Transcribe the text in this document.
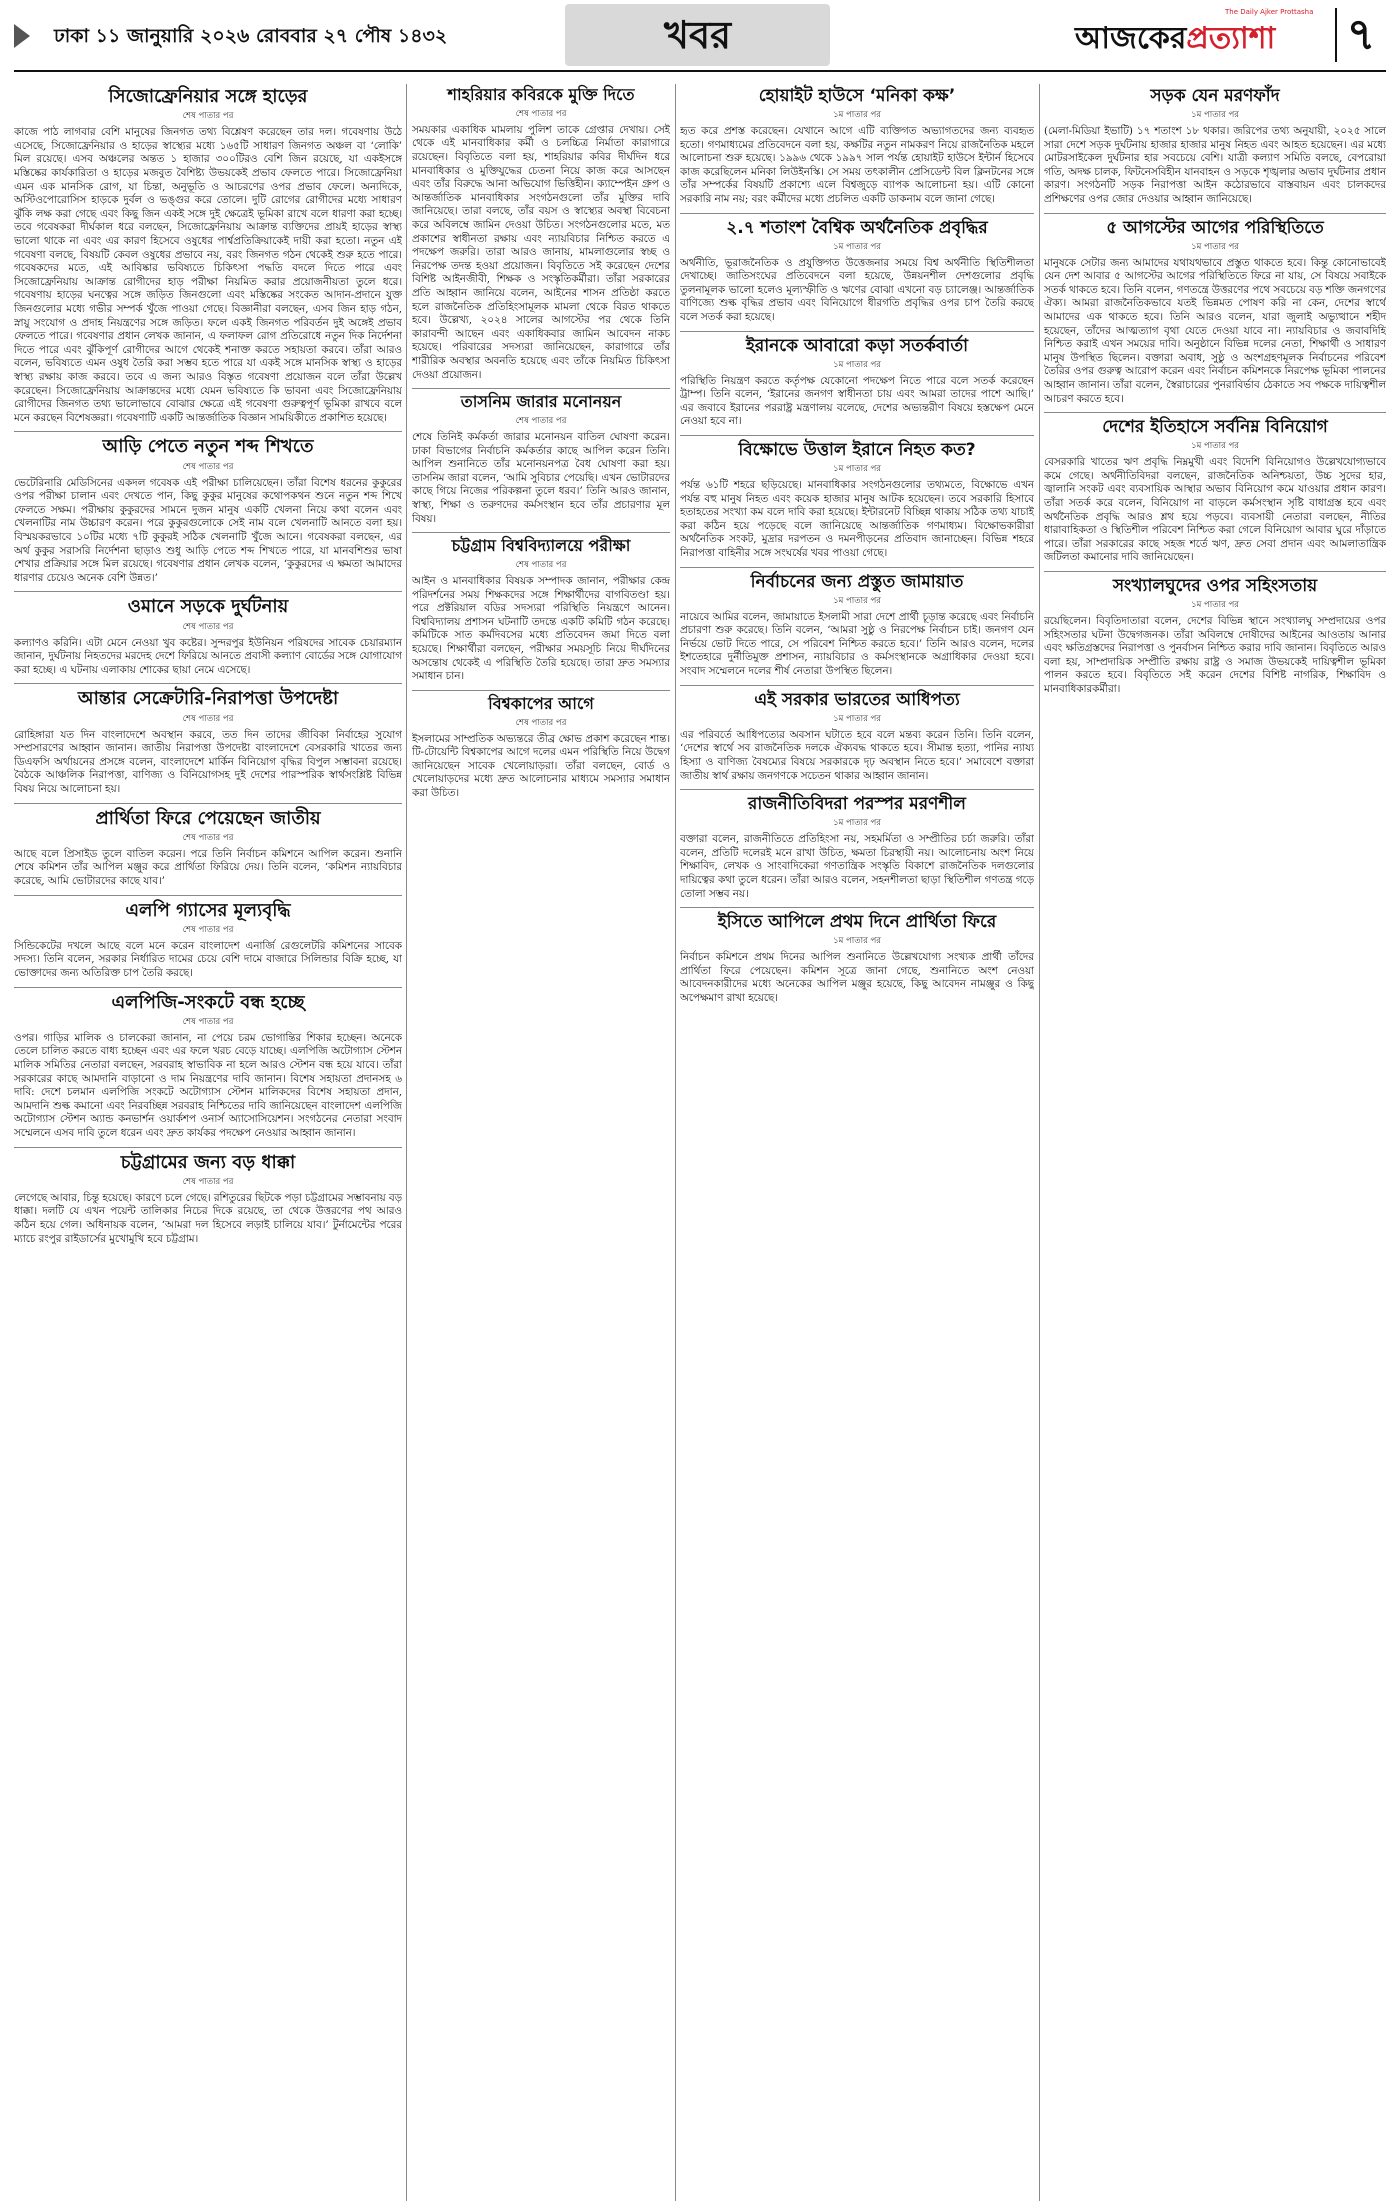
ঢাকা ১১ জানুয়ারি ২০২৬ রোববার ২৭ পৌষ ১৪৩২	খবর	আজকেরপ্রত্যাশা
The Daily Ajker Prottasha ৭
সিজোফ্রেনিয়ার সঙ্গে হাড়ের

শেষ পাতার পর

কাজে পাঠ লাগবার বেশি মানুষের জিনগত তথ্য বিশ্লেষণ করেছেন তার দল। গবেষণায় উঠে এসেছে, সিজোফ্রেনিয়ার ও হাড়ের স্বাস্থ্যের মধ্যে ১৬৫টি সাধারণ জিনগত অঞ্চল বা ‘লোকি’ মিল রয়েছে। এসব অঞ্চলের অন্তত ১ হাজার ৩০০টিরও বেশি জিন রয়েছে, যা একইসঙ্গে মস্তিষ্কের কার্যকারিতা ও হাড়ের মজবুত বৈশিষ্ট্য উভয়কেই প্রভাব ফেলতে পারে। সিজোফ্রেনিয়া এমন এক মানসিক রোগ, যা চিন্তা, অনুভূতি ও আচরণের ওপর প্রভাব ফেলে। অন্যদিকে, অস্টিওপোরোসিস হাড়কে দুর্বল ও ভঙ্গুর করে তোলে। দুটি রোগের রোগীদের মধ্যে সাধারণ ঝুঁকি লক্ষ করা গেছে এবং কিছু জিন একই সঙ্গে দুই ক্ষেত্রেই ভূমিকা রাখে বলে ধারণা করা হচ্ছে। তবে গবেষকরা দীর্ঘকাল ধরে বলছেন, সিজোফ্রেনিয়ায় আক্রান্ত ব্যক্তিদের প্রায়ই হাড়ের স্বাস্থ্য ভালো থাকে না এবং এর কারণ হিসেবে ওষুধের পার্শ্বপ্রতিক্রিয়াকেই দায়ী করা হতো। নতুন এই গবেষণা বলছে, বিষয়টি কেবল ওষুধের প্রভাবে নয়, বরং জিনগত গঠন থেকেই শুরু হতে পারে। গবেষকদের মতে, এই আবিষ্কার ভবিষ্যতে চিকিৎসা পদ্ধতি বদলে দিতে পারে এবং সিজোফ্রেনিয়ায় আক্রান্ত রোগীদের হাড় পরীক্ষা নিয়মিত করার প্রয়োজনীয়তা তুলে ধরে। গবেষণায় হাড়ের ঘনত্বের সঙ্গে জড়িত জিনগুলো এবং মস্তিষ্কের সংকেত আদান-প্রদানে যুক্ত জিনগুলোর মধ্যে গভীর সম্পর্ক খুঁজে পাওয়া গেছে। বিজ্ঞানীরা বলছেন, এসব জিন হাড় গঠন, স্নায়ু সংযোগ ও প্রদাহ নিয়ন্ত্রণের সঙ্গে জড়িত। ফলে একই জিনগত পরিবর্তন দুই অঙ্গেই প্রভাব ফেলতে পারে। গবেষণার প্রধান লেখক জানান, এ ফলাফল রোগ প্রতিরোধে নতুন দিক নির্দেশনা দিতে পারে এবং ঝুঁকিপূর্ণ রোগীদের আগে থেকেই শনাক্ত করতে সহায়তা করবে। তাঁরা আরও বলেন, ভবিষ্যতে এমন ওষুধ তৈরি করা সম্ভব হতে পারে যা একই সঙ্গে মানসিক স্বাস্থ্য ও হাড়ের স্বাস্থ্য রক্ষায় কাজ করবে। তবে এ জন্য আরও বিস্তৃত গবেষণা প্রয়োজন বলে তাঁরা উল্লেখ করেছেন। সিজোফ্রেনিয়ায় আক্রান্তদের মধ্যে যেমন ভবিষ্যতে কি ভাবনা এবং সিজোফ্রেনিয়ায় রোগীদের জিনগত তথ্য ভালোভাবে বোঝার ক্ষেত্রে এই গবেষণা গুরুত্বপূর্ণ ভূমিকা রাখবে বলে মনে করছেন বিশেষজ্ঞরা। গবেষণাটি একটি আন্তর্জাতিক বিজ্ঞান সাময়িকীতে প্রকাশিত হয়েছে।

আড়ি পেতে নতুন শব্দ শিখতে

শেষ পাতার পর

ভেটেরিনারি মেডিসিনের একদল গবেষক এই পরীক্ষা চালিয়েছেন। তাঁরা বিশেষ ধরনের কুকুরের ওপর পরীক্ষা চালান এবং দেখতে পান, কিছু কুকুর মানুষের কথোপকথন শুনে নতুন শব্দ শিখে ফেলতে সক্ষম। পরীক্ষায় কুকুরদের সামনে দুজন মানুষ একটি খেলনা নিয়ে কথা বলেন এবং খেলনাটির নাম উচ্চারণ করেন। পরে কুকুরগুলোকে সেই নাম বলে খেলনাটি আনতে বলা হয়। বিস্ময়করভাবে ১০টির মধ্যে ৭টি কুকুরই সঠিক খেলনাটি খুঁজে আনে। গবেষকরা বলছেন, এর অর্থ কুকুর সরাসরি নির্দেশনা ছাড়াও শুধু আড়ি পেতে শব্দ শিখতে পারে, যা মানবশিশুর ভাষা শেখার প্রক্রিয়ার সঙ্গে মিল রয়েছে। গবেষণার প্রধান লেখক বলেন, ‘কুকুরদের এ ক্ষমতা আমাদের ধারণার চেয়েও অনেক বেশি উন্নত।’

ওমানে সড়কে দুর্ঘটনায়

শেষ পাতার পর

কল্যাণও করিনি। এটা মেনে নেওয়া খুব কষ্টের। সুন্দরপুর ইউনিয়ন পরিষদের সাবেক চেয়ারম্যান জানান, দুর্ঘটনায় নিহতদের মরদেহ দেশে ফিরিয়ে আনতে প্রবাসী কল্যাণ বোর্ডের সঙ্গে যোগাযোগ করা হচ্ছে। এ ঘটনায় এলাকায় শোকের ছায়া নেমে এসেছে।

আন্তার সেক্রেটারি-নিরাপত্তা উপদেষ্টা

শেষ পাতার পর

রোহিঙ্গারা যত দিন বাংলাদেশে অবস্থান করবে, তত দিন তাদের জীবিকা নির্বাহের সুযোগ সম্প্রসারণের আহ্বান জানান। জাতীয় নিরাপত্তা উপদেষ্টা বাংলাদেশে বেসরকারি খাতের জন্য ডিএফসি অর্থায়নের প্রসঙ্গে বলেন, বাংলাদেশে মার্কিন বিনিয়োগ বৃদ্ধির বিপুল সম্ভাবনা রয়েছে। বৈঠকে আঞ্চলিক নিরাপত্তা, বাণিজ্য ও বিনিয়োগসহ দুই দেশের পারস্পরিক স্বার্থসংশ্লিষ্ট বিভিন্ন বিষয় নিয়ে আলোচনা হয়।

প্রার্থিতা ফিরে পেয়েছেন জাতীয়

শেষ পাতার পর

আছে বলে প্রিসাইড তুলে বাতিল করেন। পরে তিনি নির্বাচন কমিশনে আপিল করেন। শুনানি শেষে কমিশন তাঁর আপিল মঞ্জুর করে প্রার্থিতা ফিরিয়ে দেয়। তিনি বলেন, ‘কমিশন ন্যায়বিচার করেছে, আমি ভোটারদের কাছে যাব।’

এলপি গ্যাসের মূল্যবৃদ্ধি

শেষ পাতার পর

সিন্ডিকেটের দখলে আছে বলে মনে করেন বাংলাদেশ এনার্জি রেগুলেটরি কমিশনের সাবেক সদস্য। তিনি বলেন, সরকার নির্ধারিত দামের চেয়ে বেশি দামে বাজারে সিলিন্ডার বিক্রি হচ্ছে, যা ভোক্তাদের জন্য অতিরিক্ত চাপ তৈরি করছে।

এলপিজি-সংকটে বন্ধ হচ্ছে

শেষ পাতার পর

ওপর। গাড়ির মালিক ও চালকেরা জানান, না পেয়ে চরম ভোগান্তির শিকার হচ্ছেন। অনেকে তেলে চালিত করতে বাধ্য হচ্ছেন এবং এর ফলে খরচ বেড়ে যাচ্ছে। এলপিজি অটোগ্যাস স্টেশন মালিক সমিতির নেতারা বলছেন, সরবরাহ স্বাভাবিক না হলে আরও স্টেশন বন্ধ হয়ে যাবে। তাঁরা সরকারের কাছে আমদানি বাড়ানো ও দাম নিয়ন্ত্রণের দাবি জানান। বিশেষ সহায়তা প্রদানসহ ৬ দাবি: দেশে চলমান এলপিজি সংকটে অটোগ্যাস স্টেশন মালিকদের বিশেষ সহায়তা প্রদান, আমদানি শুল্ক কমানো এবং নিরবচ্ছিন্ন সরবরাহ নিশ্চিতের দাবি জানিয়েছেন বাংলাদেশ এলপিজি অটোগ্যাস স্টেশন অ্যান্ড কনভার্শন ওয়ার্কশপ ওনার্স অ্যাসোসিয়েশন। সংগঠনের নেতারা সংবাদ সম্মেলনে এসব দাবি তুলে ধরেন এবং দ্রুত কার্যকর পদক্ষেপ নেওয়ার আহ্বান জানান।

চট্টগ্রামের জন্য বড় ধাক্কা

শেষ পাতার পর

লেগেছে আবার, চিন্তু হয়েছে। কারণে চলে গেছে। রশিতুরের ছিটকে পড়া চট্টগ্রামের সম্ভাবনায় বড় ধাক্কা। দলটি যে এখন পয়েন্ট তালিকার নিচের দিকে রয়েছে, তা থেকে উত্তরণের পথ আরও কঠিন হয়ে গেল। অধিনায়ক বলেন, ‘আমরা দল হিসেবে লড়াই চালিয়ে যাব।’ টুর্নামেন্টের পরের ম্যাচে রংপুর রাইডার্সের মুখোমুখি হবে চট্টগ্রাম।

শাহরিয়ার কবিরকে মুক্তি দিতে

শেষ পাতার পর

সময়কার একাধিক মামলায় পুলিশ তাকে গ্রেপ্তার দেখায়। সেই থেকে এই মানবাধিকার কর্মী ও চলচ্চিত্র নির্মাতা কারাগারে রয়েছেন। বিবৃতিতে বলা হয়, শাহরিয়ার কবির দীর্ঘদিন ধরে মানবাধিকার ও মুক্তিযুদ্ধের চেতনা নিয়ে কাজ করে আসছেন এবং তাঁর বিরুদ্ধে আনা অভিযোগ ভিত্তিহীন। ক্যাম্পেইন গ্রুপ ও আন্তর্জাতিক মানবাধিকার সংগঠনগুলো তাঁর মুক্তির দাবি জানিয়েছে। তারা বলছে, তাঁর বয়স ও স্বাস্থ্যের অবস্থা বিবেচনা করে অবিলম্বে জামিন দেওয়া উচিত। সংগঠনগুলোর মতে, মত প্রকাশের স্বাধীনতা রক্ষায় এবং ন্যায়বিচার নিশ্চিত করতে এ পদক্ষেপ জরুরি। তারা আরও জানায়, মামলাগুলোর স্বচ্ছ ও নিরপেক্ষ তদন্ত হওয়া প্রয়োজন। বিবৃতিতে সই করেছেন দেশের বিশিষ্ট আইনজীবী, শিক্ষক ও সংস্কৃতিকর্মীরা। তাঁরা সরকারের প্রতি আহ্বান জানিয়ে বলেন, আইনের শাসন প্রতিষ্ঠা করতে হলে রাজনৈতিক প্রতিহিংসামূলক মামলা থেকে বিরত থাকতে হবে। উল্লেখ্য, ২০২৪ সালের আগস্টের পর থেকে তিনি কারাবন্দী আছেন এবং একাধিকবার জামিন আবেদন নাকচ হয়েছে। পরিবারের সদস্যরা জানিয়েছেন, কারাগারে তাঁর শারীরিক অবস্থার অবনতি হয়েছে এবং তাঁকে নিয়মিত চিকিৎসা দেওয়া প্রয়োজন।

তাসনিম জারার মনোনয়ন

শেষ পাতার পর

শেষে তিনিই কর্মকর্তা জারার মনোনয়ন বাতিল ঘোষণা করেন। ঢাকা বিভাগের নির্বাচনি কর্মকর্তার কাছে আপিল করেন তিনি। আপিল শুনানিতে তাঁর মনোনয়নপত্র বৈধ ঘোষণা করা হয়। তাসনিম জারা বলেন, ‘আমি সুবিচার পেয়েছি। এখন ভোটারদের কাছে গিয়ে নিজের পরিকল্পনা তুলে ধরব।’ তিনি আরও জানান, স্বাস্থ্য, শিক্ষা ও তরুণদের কর্মসংস্থান হবে তাঁর প্রচারণার মূল বিষয়।

চট্টগ্রাম বিশ্ববিদ্যালয়ে পরীক্ষা

শেষ পাতার পর

আইন ও মানবাধিকার বিষয়ক সম্পাদক জানান, পরীক্ষার কেন্দ্র পরিদর্শনের সময় শিক্ষকদের সঙ্গে শিক্ষার্থীদের বাগবিতণ্ডা হয়। পরে প্রক্টরিয়াল বডির সদস্যরা পরিস্থিতি নিয়ন্ত্রণে আনেন। বিশ্ববিদ্যালয় প্রশাসন ঘটনাটি তদন্তে একটি কমিটি গঠন করেছে। কমিটিকে সাত কর্মদিবসের মধ্যে প্রতিবেদন জমা দিতে বলা হয়েছে। শিক্ষার্থীরা বলছেন, পরীক্ষার সময়সূচি নিয়ে দীর্ঘদিনের অসন্তোষ থেকেই এ পরিস্থিতি তৈরি হয়েছে। তারা দ্রুত সমস্যার সমাধান চান।

বিশ্বকাপের আগে

শেষ পাতার পর

ইসলামের সাম্প্রতিক অভ্যন্তরে তীব্র ক্ষোভ প্রকাশ করেছেন শান্ত। টি-টোয়েন্টি বিশ্বকাপের আগে দলের এমন পরিস্থিতি নিয়ে উদ্বেগ জানিয়েছেন সাবেক খেলোয়াড়রা। তাঁরা বলছেন, বোর্ড ও খেলোয়াড়দের মধ্যে দ্রুত আলোচনার মাধ্যমে সমস্যার সমাধান করা উচিত।

হোয়াইট হাউসে ‘মনিকা কক্ষ’

১ম পাতার পর

হৃত করে প্রশস্ত করেছেন। যেখানে আগে এটি ব্যক্তিগত অভ্যাগতদের জন্য ব্যবহৃত হতো। গণমাধ্যমের প্রতিবেদনে বলা হয়, কক্ষটির নতুন নামকরণ নিয়ে রাজনৈতিক মহলে আলোচনা শুরু হয়েছে। ১৯৯৬ থেকে ১৯৯৭ সাল পর্যন্ত হোয়াইট হাউসে ইন্টার্ন হিসেবে কাজ করেছিলেন মনিকা লিউইনস্কি। সে সময় তৎকালীন প্রেসিডেন্ট বিল ক্লিনটনের সঙ্গে তাঁর সম্পর্কের বিষয়টি প্রকাশ্যে এলে বিশ্বজুড়ে ব্যাপক আলোচনা হয়। এটি কোনো সরকারি নাম নয়; বরং কর্মীদের মধ্যে প্রচলিত একটি ডাকনাম বলে জানা গেছে।

২.৭ শতাংশ বৈশ্বিক অর্থনৈতিক প্রবৃদ্ধির

১ম পাতার পর

অর্থনীতি, ভূরাজনৈতিক ও প্রযুক্তিগত উত্তেজনার সময়ে বিশ্ব অর্থনীতি স্থিতিশীলতা দেখাচ্ছে। জাতিসংঘের প্রতিবেদনে বলা হয়েছে, উন্নয়নশীল দেশগুলোর প্রবৃদ্ধি তুলনামূলক ভালো হলেও মূল্যস্ফীতি ও ঋণের বোঝা এখনো বড় চ্যালেঞ্জ। আন্তর্জাতিক বাণিজ্যে শুল্ক বৃদ্ধির প্রভাব এবং বিনিয়োগে ধীরগতি প্রবৃদ্ধির ওপর চাপ তৈরি করছে বলে সতর্ক করা হয়েছে।

ইরানকে আবারো কড়া সতর্কবার্তা

১ম পাতার পর

পরিস্থিতি নিয়ন্ত্রণ করতে কর্তৃপক্ষ যেকোনো পদক্ষেপ নিতে পারে বলে সতর্ক করেছেন ট্রাম্প। তিনি বলেন, ‘ইরানের জনগণ স্বাধীনতা চায় এবং আমরা তাদের পাশে আছি।’ এর জবাবে ইরানের পররাষ্ট্র মন্ত্রণালয় বলেছে, দেশের অভ্যন্তরীণ বিষয়ে হস্তক্ষেপ মেনে নেওয়া হবে না।

বিক্ষোভে উত্তাল ইরানে নিহত কত?

১ম পাতার পর

পর্যন্ত ৬১টি শহরে ছড়িয়েছে। মানবাধিকার সংগঠনগুলোর তথ্যমতে, বিক্ষোভে এখন পর্যন্ত বহু মানুষ নিহত এবং কয়েক হাজার মানুষ আটক হয়েছেন। তবে সরকারি হিসাবে হতাহতের সংখ্যা কম বলে দাবি করা হয়েছে। ইন্টারনেট বিচ্ছিন্ন থাকায় সঠিক তথ্য যাচাই করা কঠিন হয়ে পড়েছে বলে জানিয়েছে আন্তর্জাতিক গণমাধ্যম। বিক্ষোভকারীরা অর্থনৈতিক সংকট, মুদ্রার দরপতন ও দমনপীড়নের প্রতিবাদ জানাচ্ছেন। বিভিন্ন শহরে নিরাপত্তা বাহিনীর সঙ্গে সংঘর্ষের খবর পাওয়া গেছে।

নির্বাচনের জন্য প্রস্তুত জামায়াত

১ম পাতার পর

নায়েবে আমির বলেন, জামায়াতে ইসলামী সারা দেশে প্রার্থী চূড়ান্ত করেছে এবং নির্বাচনি প্রচারণা শুরু করেছে। তিনি বলেন, ‘আমরা সুষ্ঠু ও নিরপেক্ষ নির্বাচন চাই। জনগণ যেন নির্ভয়ে ভোট দিতে পারে, সে পরিবেশ নিশ্চিত করতে হবে।’ তিনি আরও বলেন, দলের ইশতেহারে দুর্নীতিমুক্ত প্রশাসন, ন্যায়বিচার ও কর্মসংস্থানকে অগ্রাধিকার দেওয়া হবে। সংবাদ সম্মেলনে দলের শীর্ষ নেতারা উপস্থিত ছিলেন।

এই সরকার ভারতের আধিপত্য

১ম পাতার পর

এর পরিবর্তে আধিপত্যের অবসান ঘটাতে হবে বলে মন্তব্য করেন তিনি। তিনি বলেন, ‘দেশের স্বার্থে সব রাজনৈতিক দলকে ঐক্যবদ্ধ থাকতে হবে। সীমান্ত হত্যা, পানির ন্যায্য হিস্যা ও বাণিজ্য বৈষম্যের বিষয়ে সরকারকে দৃঢ় অবস্থান নিতে হবে।’ সমাবেশে বক্তারা জাতীয় স্বার্থ রক্ষায় জনগণকে সচেতন থাকার আহ্বান জানান।

রাজনীতিবিদরা পরস্পর মরণশীল

১ম পাতার পর

বক্তারা বলেন, রাজনীতিতে প্রতিহিংসা নয়, সহমর্মিতা ও সম্প্রীতির চর্চা জরুরি। তাঁরা বলেন, প্রতিটি দলেরই মনে রাখা উচিত, ক্ষমতা চিরস্থায়ী নয়। আলোচনায় অংশ নিয়ে শিক্ষাবিদ, লেখক ও সাংবাদিকেরা গণতান্ত্রিক সংস্কৃতি বিকাশে রাজনৈতিক দলগুলোর দায়িত্বের কথা তুলে ধরেন। তাঁরা আরও বলেন, সহনশীলতা ছাড়া স্থিতিশীল গণতন্ত্র গড়ে তোলা সম্ভব নয়।

ইসিতে আপিলে প্রথম দিনে প্রার্থিতা ফিরে

১ম পাতার পর

নির্বাচন কমিশনে প্রথম দিনের আপিল শুনানিতে উল্লেখযোগ্য সংখ্যক প্রার্থী তাঁদের প্রার্থিতা ফিরে পেয়েছেন। কমিশন সূত্রে জানা গেছে, শুনানিতে অংশ নেওয়া আবেদনকারীদের মধ্যে অনেকের আপিল মঞ্জুর হয়েছে, কিছু আবেদন নামঞ্জুর ও কিছু অপেক্ষমাণ রাখা হয়েছে।

সড়ক যেন মরণফাঁদ

১ম পাতার পর

(মেলা-মিডিয়া ইভাটি) ১৭ শতাংশ ১৮ থকার। জরিপের তথ্য অনুযায়ী, ২০২৫ সালে সারা দেশে সড়ক দুর্ঘটনায় হাজার হাজার মানুষ নিহত এবং আহত হয়েছেন। এর মধ্যে মোটরসাইকেল দুর্ঘটনার হার সবচেয়ে বেশি। যাত্রী কল্যাণ সমিতি বলছে, বেপরোয়া গতি, অদক্ষ চালক, ফিটনেসবিহীন যানবাহন ও সড়কে শৃঙ্খলার অভাব দুর্ঘটনার প্রধান কারণ। সংগঠনটি সড়ক নিরাপত্তা আইন কঠোরভাবে বাস্তবায়ন এবং চালকদের প্রশিক্ষণের ওপর জোর দেওয়ার আহ্বান জানিয়েছে।

৫ আগস্টের আগের পরিস্থিতিতে

১ম পাতার পর

মানুষকে সেটার জন্য আমাদের যথাযথভাবে প্রস্তুত থাকতে হবে। কিন্তু কোনোভাবেই যেন দেশ আবার ৫ আগস্টের আগের পরিস্থিতিতে ফিরে না যায়, সে বিষয়ে সবাইকে সতর্ক থাকতে হবে। তিনি বলেন, গণতন্ত্রে উত্তরণের পথে সবচেয়ে বড় শক্তি জনগণের ঐক্য। আমরা রাজনৈতিকভাবে যতই ভিন্নমত পোষণ করি না কেন, দেশের স্বার্থে আমাদের এক থাকতে হবে। তিনি আরও বলেন, যারা জুলাই অভ্যুত্থানে শহীদ হয়েছেন, তাঁদের আত্মত্যাগ বৃথা যেতে দেওয়া যাবে না। ন্যায়বিচার ও জবাবদিহি নিশ্চিত করাই এখন সময়ের দাবি। অনুষ্ঠানে বিভিন্ন দলের নেতা, শিক্ষার্থী ও সাধারণ মানুষ উপস্থিত ছিলেন। বক্তারা অবাধ, সুষ্ঠু ও অংশগ্রহণমূলক নির্বাচনের পরিবেশ তৈরির ওপর গুরুত্ব আরোপ করেন এবং নির্বাচন কমিশনকে নিরপেক্ষ ভূমিকা পালনের আহ্বান জানান। তাঁরা বলেন, স্বৈরাচারের পুনরাবির্ভাব ঠেকাতে সব পক্ষকে দায়িত্বশীল আচরণ করতে হবে।

দেশের ইতিহাসে সর্বনিম্ন বিনিয়োগ

১ম পাতার পর

বেসরকারি খাতের ঋণ প্রবৃদ্ধি নিম্নমুখী এবং বিদেশি বিনিয়োগও উল্লেখযোগ্যভাবে কমে গেছে। অর্থনীতিবিদরা বলছেন, রাজনৈতিক অনিশ্চয়তা, উচ্চ সুদের হার, জ্বালানি সংকট এবং ব্যবসায়িক আস্থার অভাব বিনিয়োগ কমে যাওয়ার প্রধান কারণ। তাঁরা সতর্ক করে বলেন, বিনিয়োগ না বাড়লে কর্মসংস্থান সৃষ্টি বাধাগ্রস্ত হবে এবং অর্থনৈতিক প্রবৃদ্ধি আরও শ্লথ হয়ে পড়বে। ব্যবসায়ী নেতারা বলছেন, নীতির ধারাবাহিকতা ও স্থিতিশীল পরিবেশ নিশ্চিত করা গেলে বিনিয়োগ আবার ঘুরে দাঁড়াতে পারে। তাঁরা সরকারের কাছে সহজ শর্তে ঋণ, দ্রুত সেবা প্রদান এবং আমলাতান্ত্রিক জটিলতা কমানোর দাবি জানিয়েছেন।

সংখ্যালঘুদের ওপর সহিংসতায়

১ম পাতার পর

রয়েছিলেন। বিবৃতিদাতারা বলেন, দেশের বিভিন্ন স্থানে সংখ্যালঘু সম্প্রদায়ের ওপর সহিংসতার ঘটনা উদ্বেগজনক। তাঁরা অবিলম্বে দোষীদের আইনের আওতায় আনার এবং ক্ষতিগ্রস্তদের নিরাপত্তা ও পুনর্বাসন নিশ্চিত করার দাবি জানান। বিবৃতিতে আরও বলা হয়, সাম্প্রদায়িক সম্প্রীতি রক্ষায় রাষ্ট্র ও সমাজ উভয়কেই দায়িত্বশীল ভূমিকা পালন করতে হবে। বিবৃতিতে সই করেন দেশের বিশিষ্ট নাগরিক, শিক্ষাবিদ ও মানবাধিকারকর্মীরা।
